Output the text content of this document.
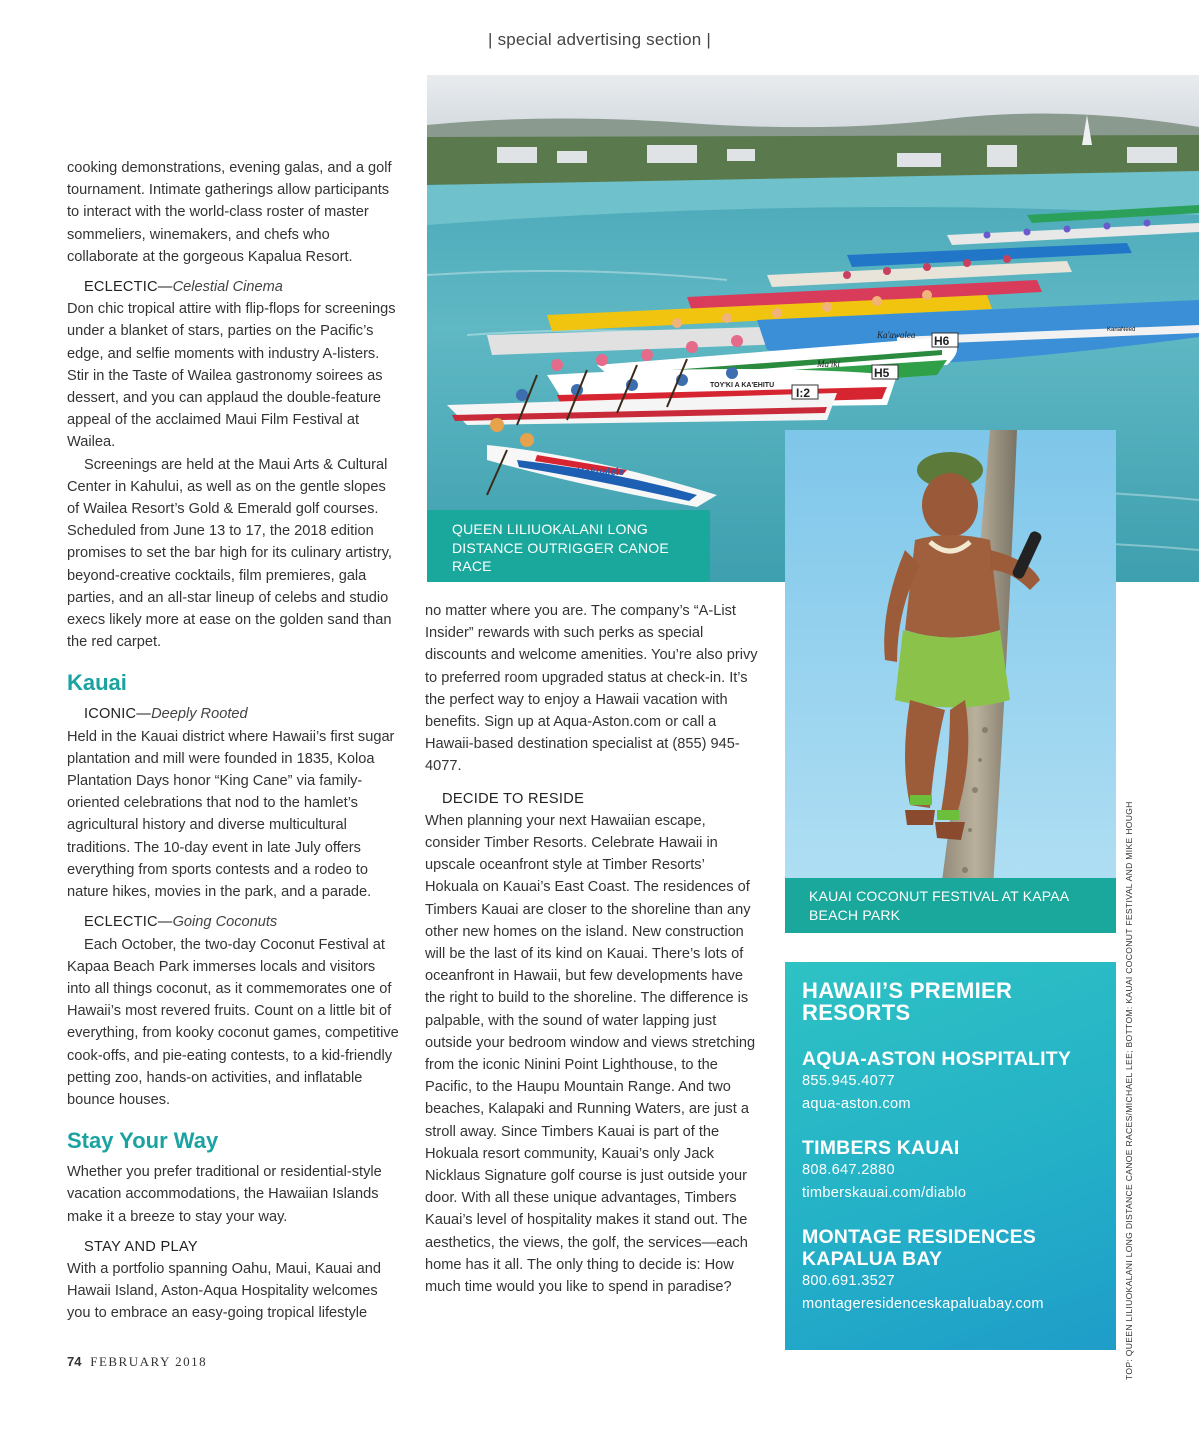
| special advertising section |

cooking demonstrations, evening galas, and a golf tournament. Intimate gatherings allow participants to interact with the world-class roster of master sommeliers, winemakers, and chefs who collaborate at the gorgeous Kapalua Resort.

ECLECTIC—Celestial Cinema

Don chic tropical attire with flip-flops for screenings under a blanket of stars, parties on the Pacific’s edge, and selfie moments with industry A-listers. Stir in the Taste of Wailea gastronomy soirees as dessert, and you can applaud the double-feature appeal of the acclaimed Maui Film Festival at Wailea.

Screenings are held at the Maui Arts & Cultural Center in Kahului, as well as on the gentle slopes of Wailea Resort’s Gold & Emerald golf courses. Scheduled from June 13 to 17, the 2018 edition promises to set the bar high for its culinary artistry, beyond-creative cocktails, film premieres, gala parties, and an all-star lineup of celebs and studio execs likely more at ease on the golden sand than the red carpet.

Kauai
ICONIC—Deeply Rooted

Held in the Kauai district where Hawaii’s first sugar plantation and mill were founded in 1835, Koloa Plantation Days honor “King Cane” via family-oriented celebrations that nod to the hamlet’s agricultural history and diverse multicultural traditions. The 10-day event in late July offers everything from sports contests and a rodeo to nature hikes, movies in the park, and a parade.

ECLECTIC—Going Coconuts

Each October, the two-day Coconut Festival at Kapaa Beach Park immerses locals and visitors into all things coconut, as it commemorates one of Hawaii’s most revered fruits. Count on a little bit of everything, from kooky coconut games, competitive cook-offs, and pie-eating contests, to a kid-friendly petting zoo, hands-on activities, and inflatable bounce houses.

Stay Your Way

Whether you prefer traditional or residential-style vacation accommodations, the Hawaiian Islands make it a breeze to stay your way.

STAY AND PLAY

With a portfolio spanning Oahu, Maui, Kauai and Hawaii Island, Aston-Aqua Hospitality welcomes you to embrace an easy-going tropical lifestyle

H6
H5
I:2
Ka'awalea
Ma'iki
TOY'KI A KA'EHITU
Hokualele
KanaNeed
QUEEN LILIUOKALANI LONG DISTANCE OUTRIGGER CANOE RACE
KAUAI COCONUT FESTIVAL AT KAPAA BEACH PARK	TOP: QUEEN LILIUOKALANI LONG DISTANCE CANOE RACES/MICHAEL LEE; BOTTOM: KAUAI COCONUT FESTIVAL AND MIKE HOUGH

no matter where you are. The company’s “A-List Insider” rewards with such perks as special discounts and welcome amenities. You’re also privy to preferred room upgraded status at check-in. It’s the perfect way to enjoy a Hawaii vacation with benefits. Sign up at Aqua-Aston.com or call a Hawaii-based destination specialist at (855) 945-4077.

DECIDE TO RESIDE

When planning your next Hawaiian escape, consider Timber Resorts. Celebrate Hawaii in upscale oceanfront style at Timber Resorts’ Hokuala on Kauai’s East Coast. The residences of Timbers Kauai are closer to the shoreline than any other new homes on the island. New construction will be the last of its kind on Kauai. There’s lots of oceanfront in Hawaii, but few developments have the right to build to the shoreline. The difference is palpable, with the sound of water lapping just outside your bedroom window and views stretching from the iconic Ninini Point Lighthouse, to the Pacific, to the Haupu Mountain Range. And two beaches, Kalapaki and Running Waters, are just a stroll away. Since Timbers Kauai is part of the Hokuala resort community, Kauai’s only Jack Nicklaus Signature golf course is just outside your door. With all these unique advantages, Timbers Kauai’s level of hospitality makes it stand out. The aesthetics, the views, the golf, the services—each home has it all. The only thing to decide is: How much time would you like to spend in paradise?

HAWAII’S PREMIER RESORTS
AQUA-ASTON HOSPITALITY
855.945.4077
aqua-aston.com
TIMBERS KAUAI
808.647.2880
timberskauai.com/diablo
MONTAGE RESIDENCES KAPALUA BAY
800.691.3527
montageresidenceskapaluabay.com
74 FEBRUARY 2018
